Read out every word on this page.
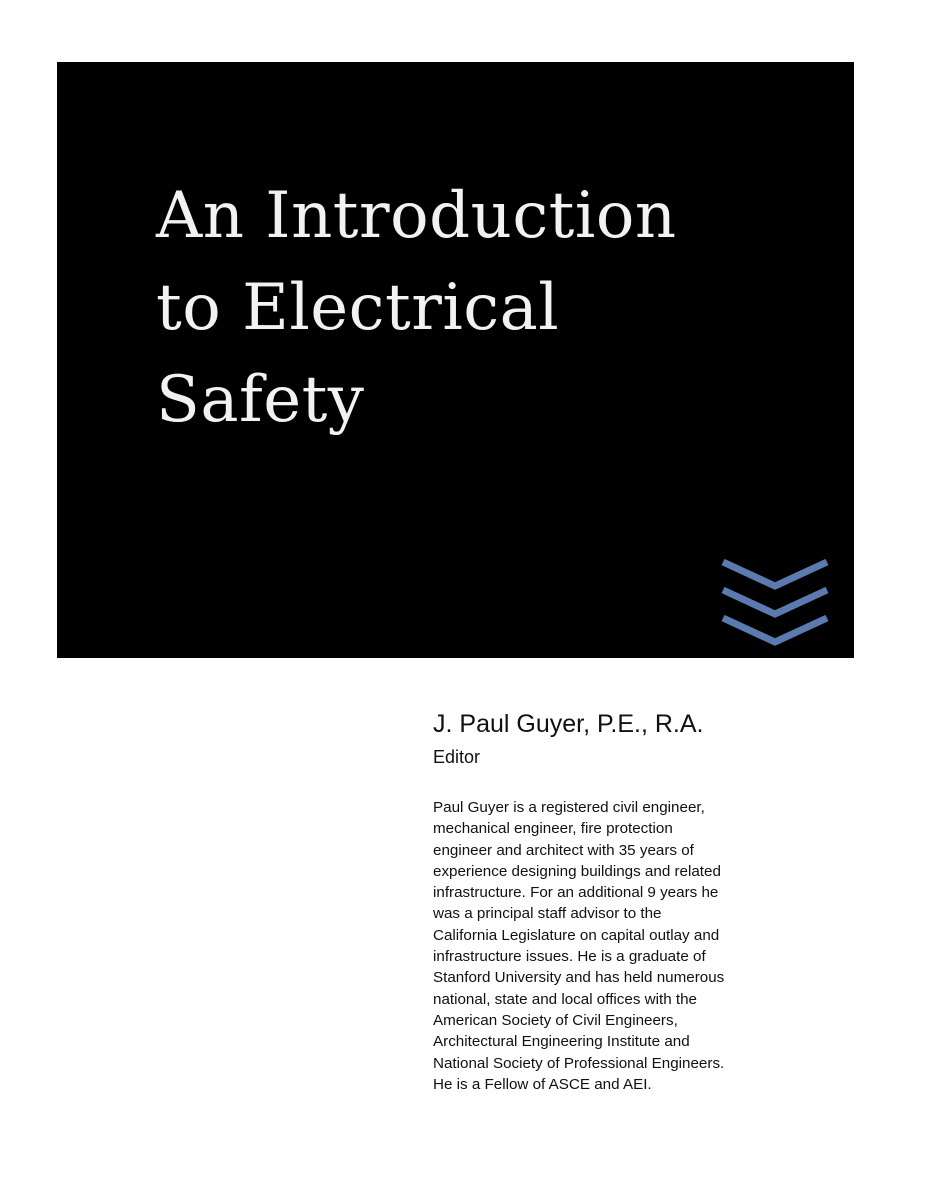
An Introduction
to Electrical
Safety

J. Paul Guyer, P.E., R.A.

Editor

Paul Guyer is a registered civil engineer,
mechanical engineer, fire protection
engineer and architect with 35 years of
experience designing buildings and related
infrastructure. For an additional 9 years he
was a principal staff advisor to the
California Legislature on capital outlay and
infrastructure issues. He is a graduate of
Stanford University and has held numerous
national, state and local offices with the
American Society of Civil Engineers,
Architectural Engineering Institute and
National Society of Professional Engineers.
He is a Fellow of ASCE and AEI.
